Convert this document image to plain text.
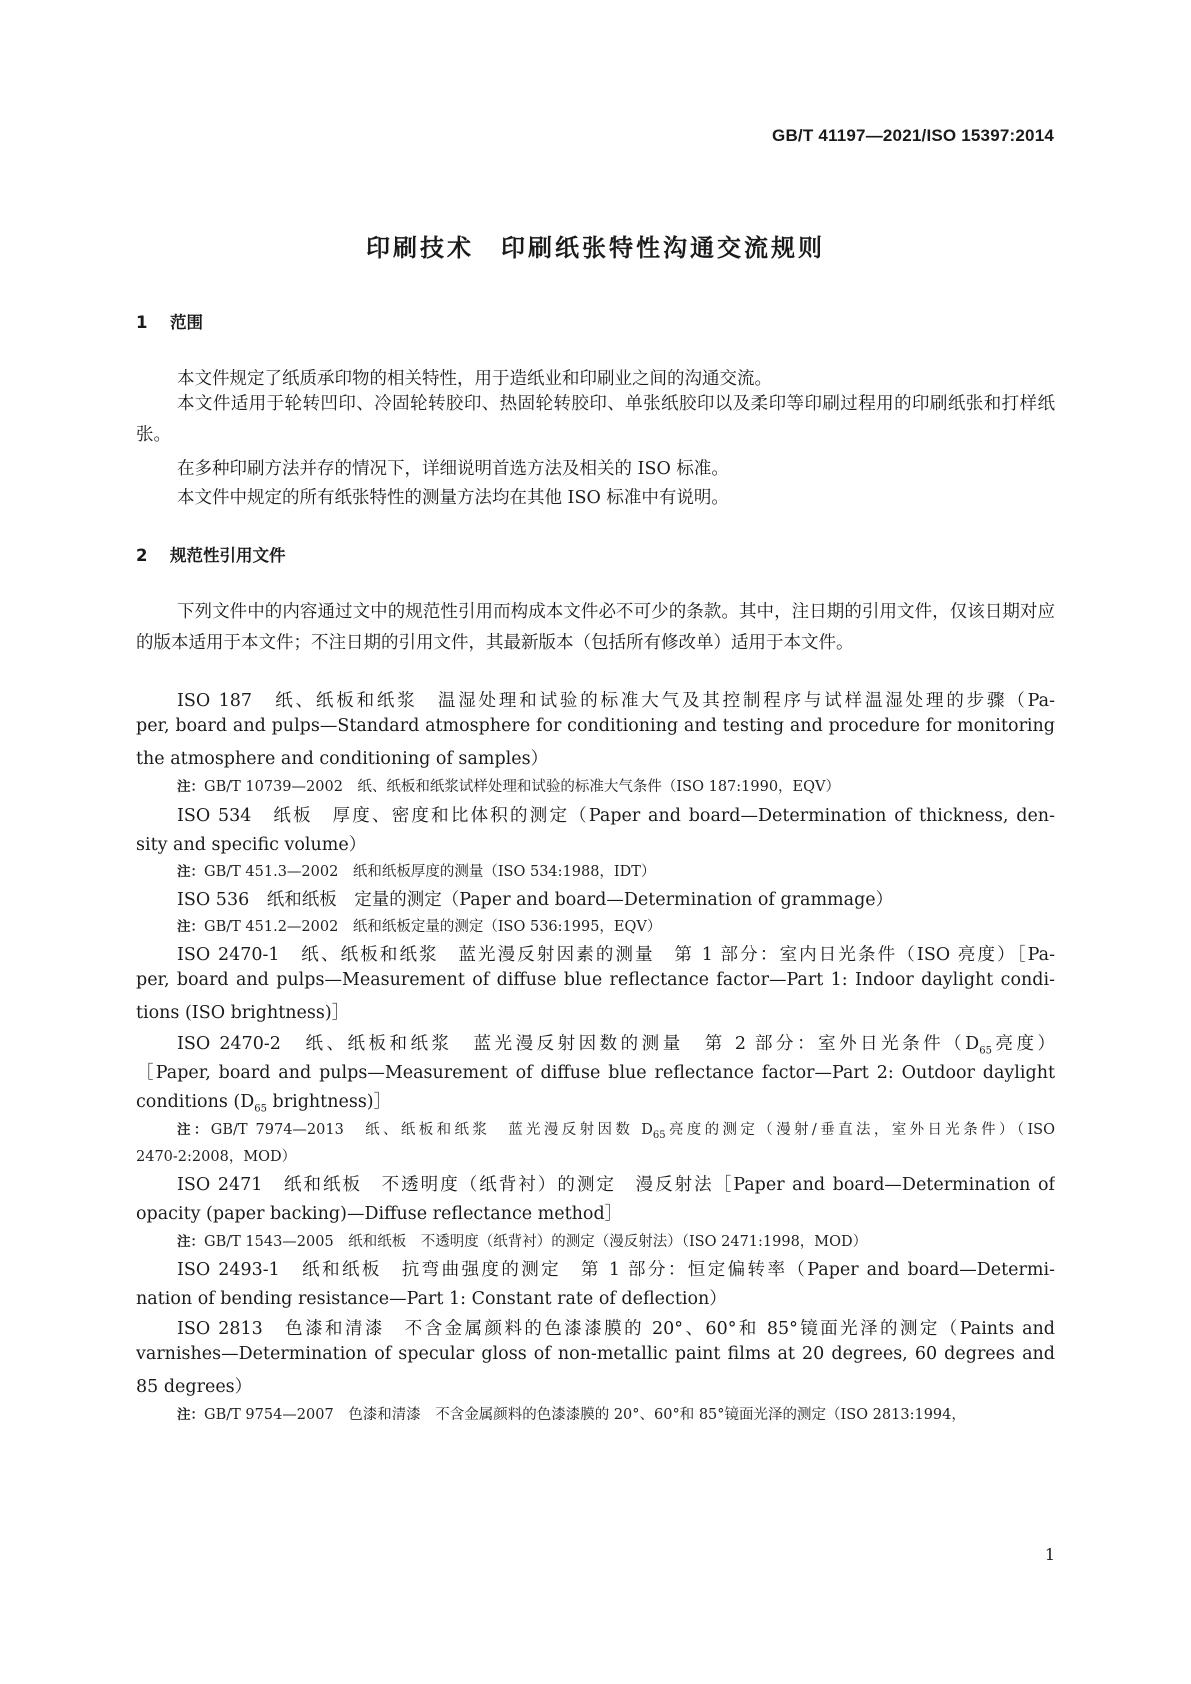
GB/T 41197—2021/ISO 15397:2014
印刷技术　印刷纸张特性沟通交流规则
1 范围
本文件规定了纸质承印物的相关特性，用于造纸业和印刷业之间的沟通交流。
本文件适用于轮转凹印、冷固轮转胶印、热固轮转胶印、单张纸胶印以及柔印等印刷过程用的印刷纸张和打样纸张。
在多种印刷方法并存的情况下，详细说明首选方法及相关的 ISO 标准。
本文件中规定的所有纸张特性的测量方法均在其他 ISO 标准中有说明。
2 规范性引用文件
下列文件中的内容通过文中的规范性引用而构成本文件必不可少的条款。其中，注日期的引用文件，仅该日期对应的版本适用于本文件；不注日期的引用文件，其最新版本（包括所有修改单）适用于本文件。
ISO 187　纸、纸板和纸浆　温湿处理和试验的标准大气及其控制程序与试样温湿处理的步骤（Pa-
per, board and pulps—Standard atmosphere for conditioning and testing and procedure for monitoring
the atmosphere and conditioning of samples）
注：GB/T 10739—2002　纸、纸板和纸浆试样处理和试验的标准大气条件（ISO 187:1990，EQV）
ISO 534　纸板　厚度、密度和比体积的测定（Paper and board—Determination of thickness, den-
sity and specific volume）
注：GB/T 451.3—2002　纸和纸板厚度的测量（ISO 534:1988，IDT）
ISO 536　纸和纸板　定量的测定（Paper and board—Determination of grammage）
注：GB/T 451.2—2002　纸和纸板定量的测定（ISO 536:1995，EQV）
ISO 2470-1　纸、纸板和纸浆　蓝光漫反射因素的测量　第 1 部分：室内日光条件（ISO 亮度）［Pa-
per, board and pulps—Measurement of diffuse blue reflectance factor—Part 1: Indoor daylight condi-
tions (ISO brightness)］
ISO 2470-2　纸、纸板和纸浆　蓝光漫反射因数的测量　第 2 部分：室外日光条件（$D_{65}$亮度）
［Paper, board and pulps—Measurement of diffuse blue reflectance factor—Part 2: Outdoor daylight
conditions ($D_{65}$ brightness)］
注：GB/T 7974—2013　纸、纸板和纸浆　蓝光漫反射因数 $D_{65}$亮度的测定（漫射/垂直法，室外日光条件）（ISO
2470-2:2008，MOD）
ISO 2471　纸和纸板　不透明度（纸背衬）的测定　漫反射法［Paper and board—Determination of
opacity (paper backing)—Diffuse reflectance method］
注：GB/T 1543—2005　纸和纸板　不透明度（纸背衬）的测定（漫反射法）（ISO 2471:1998，MOD）
ISO 2493-1　纸和纸板　抗弯曲强度的测定　第 1 部分：恒定偏转率（Paper and board—Determi-
nation of bending resistance—Part 1: Constant rate of deflection）
ISO 2813　色漆和清漆　不含金属颜料的色漆漆膜的 20°、60°和 85°镜面光泽的测定（Paints and
varnishes—Determination of specular gloss of non-metallic paint films at 20 degrees, 60 degrees and
85 degrees）
注：GB/T 9754—2007　色漆和清漆　不含金属颜料的色漆漆膜的 20°、60°和 85°镜面光泽的测定（ISO 2813:1994，
1
